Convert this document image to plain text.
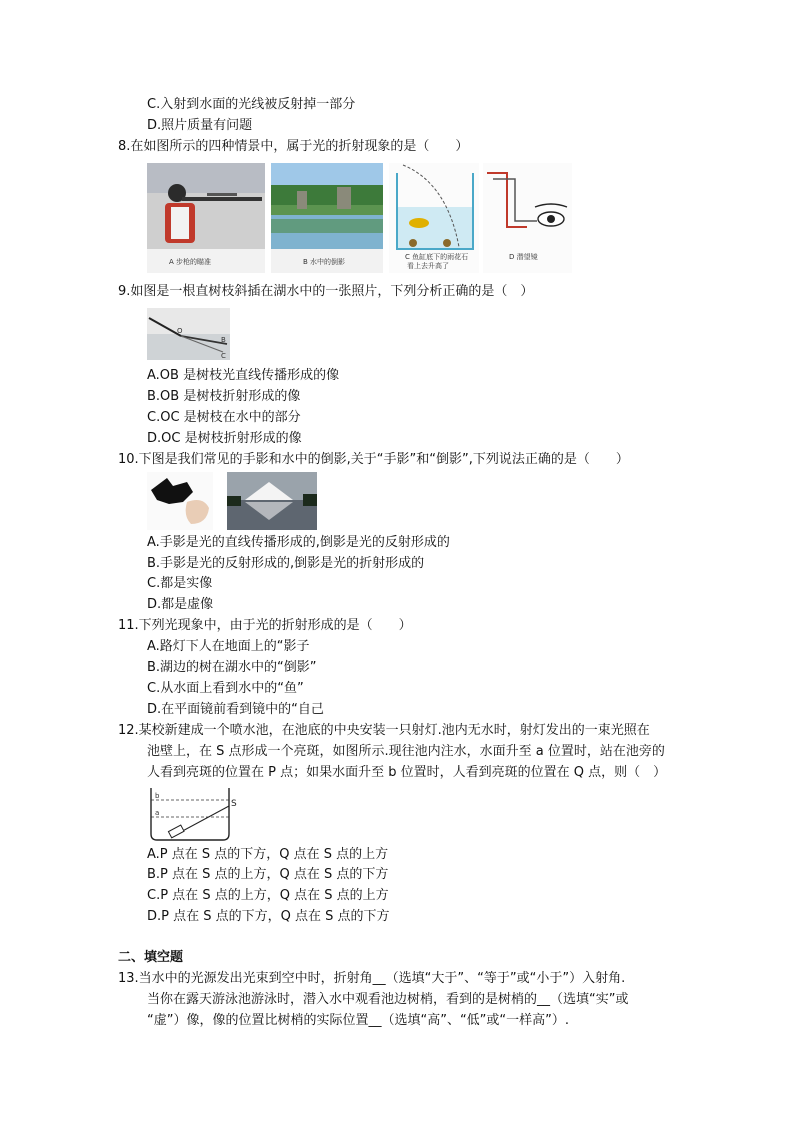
C.入射到水面的光线被反射掉一部分
D.照片质量有问题
8.在如图所示的四种情景中，属于光的折射现象的是（　　）
A 步枪的瞄准	B 水中的倒影
C 鱼缸底下的雨花石
看上去升高了
D 潜望镜
9.如图是一根直树枝斜插在湖水中的一张照片，下列分析正确的是（　）
O
B
C
A.OB 是树枝光直线传播形成的像
B.OB 是树枝折射形成的像
C.OC 是树枝在水中的部分
D.OC 是树枝折射形成的像
10.下图是我们常见的手影和水中的倒影,关于“手影”和“倒影”,下列说法正确的是（　　）
A.手影是光的直线传播形成的,倒影是光的反射形成的
B.手影是光的反射形成的,倒影是光的折射形成的
C.都是实像
D.都是虚像
11.下列光现象中，由于光的折射形成的是（　　）
A.路灯下人在地面上的“影子
B.湖边的树在湖水中的“倒影”
C.从水面上看到水中的“鱼”
D.在平面镜前看到镜中的“自己
12.某校新建成一个喷水池，在池底的中央安装一只射灯.池内无水时，射灯发出的一束光照在
池壁上，在 S 点形成一个亮斑，如图所示.现往池内注水，水面升至 a 位置时，站在池旁的
人看到亮斑的位置在 P 点；如果水面升至 b 位置时，人看到亮斑的位置在 Q 点，则（　）
b
a
S
A.P 点在 S 点的下方，Q 点在 S 点的上方
B.P 点在 S 点的上方，Q 点在 S 点的下方
C.P 点在 S 点的上方，Q 点在 S 点的上方
D.P 点在 S 点的下方，Q 点在 S 点的下方
二、填空题
13.当水中的光源发出光束到空中时，折射角__（选填“大于”、“等于”或“小于”）入射角.
当你在露天游泳池游泳时，潜入水中观看池边树梢，看到的是树梢的__（选填“实”或
“虚”）像，像的位置比树梢的实际位置__（选填“高”、“低”或“一样高”）.
